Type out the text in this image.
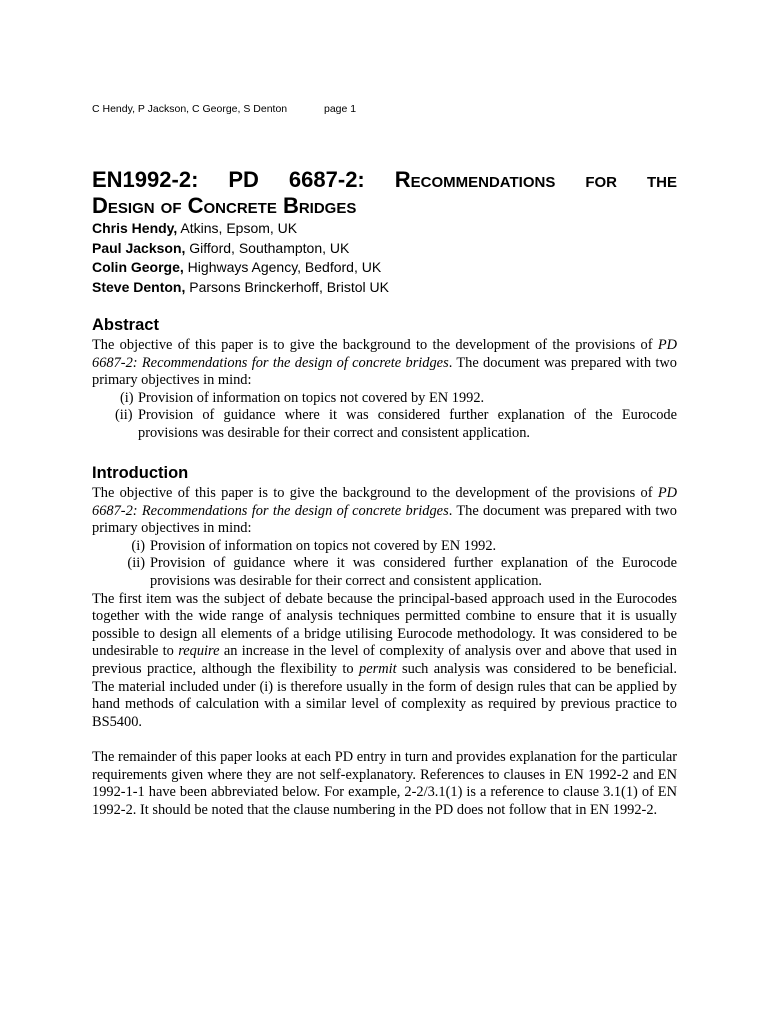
C Hendy, P Jackson, C George, S Denton	page 1
EN1992-2: PD 6687-2: Recommendations for the
Design of Concrete Bridges
Chris Hendy, Atkins, Epsom, UK
Paul Jackson, Gifford, Southampton, UK
Colin George, Highways Agency, Bedford, UK
Steve Denton, Parsons Brinckerhoff, Bristol UK
Abstract

The objective of this paper is to give the background to the development of the provisions of PD 6687-2: Recommendations for the design of concrete bridges. The document was prepared with two primary objectives in mind:

(i) Provision of information on topics not covered by EN 1992.
(ii) Provision of guidance where it was considered further explanation of the Eurocode provisions was desirable for their correct and consistent application.
Introduction

The objective of this paper is to give the background to the development of the provisions of PD 6687-2: Recommendations for the design of concrete bridges. The document was prepared with two primary objectives in mind:

(i) Provision of information on topics not covered by EN 1992.
(ii) Provision of guidance where it was considered further explanation of the Eurocode provisions was desirable for their correct and consistent application.

The first item was the subject of debate because the principal-based approach used in the Eurocodes together with the wide range of analysis techniques permitted combine to ensure that it is usually possible to design all elements of a bridge utilising Eurocode methodology. It was considered to be undesirable to require an increase in the level of complexity of analysis over and above that used in previous practice, although the flexibility to permit such analysis was considered to be beneficial. The material included under (i) is therefore usually in the form of design rules that can be applied by hand methods of calculation with a similar level of complexity as required by previous practice to BS5400.

The remainder of this paper looks at each PD entry in turn and provides explanation for the particular requirements given where they are not self-explanatory. References to clauses in EN 1992-2 and EN 1992-1-1 have been abbreviated below. For example, 2-2/3.1(1) is a reference to clause 3.1(1) of EN 1992-2. It should be noted that the clause numbering in the PD does not follow that in EN 1992-2.
